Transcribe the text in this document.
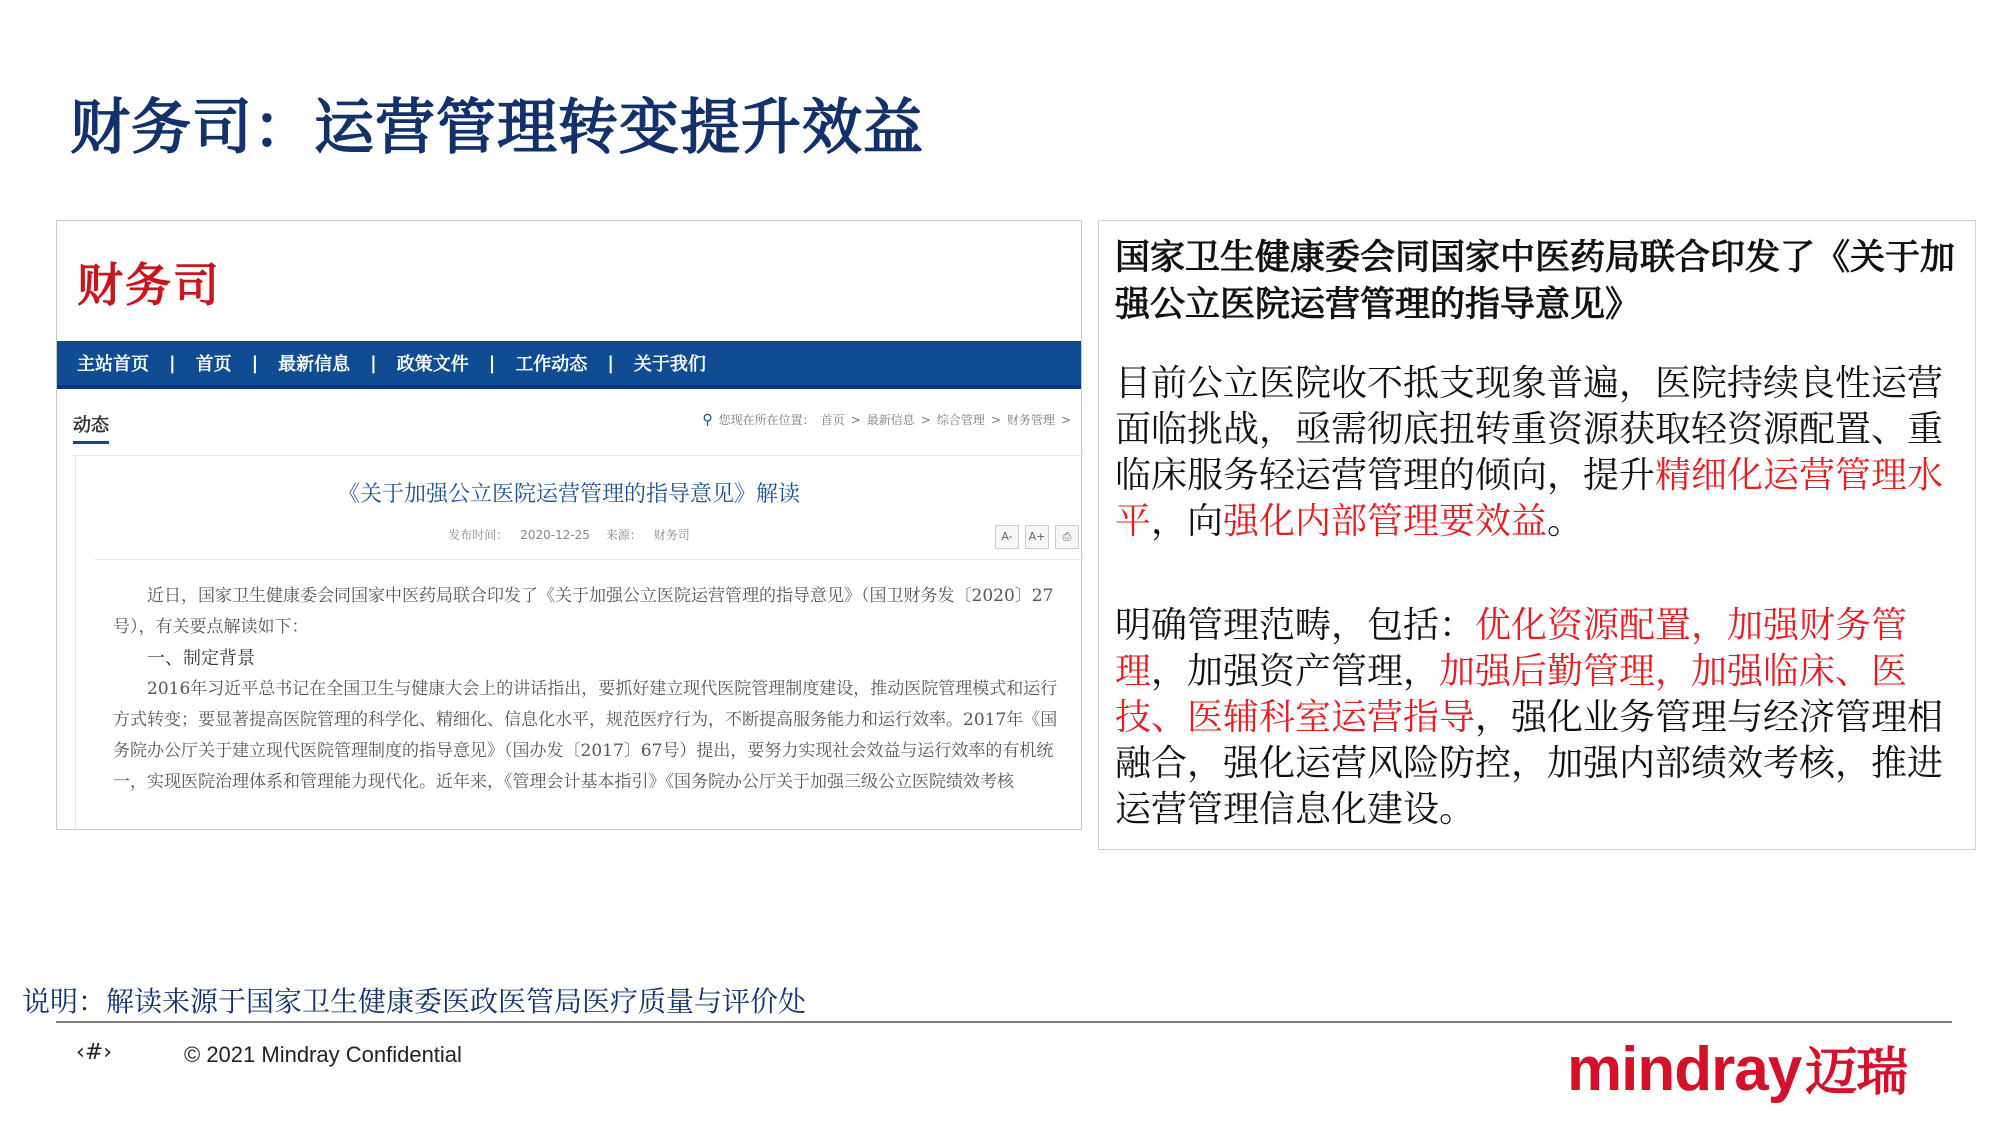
财务司：运营管理转变提升效益
财务司
主站首页	|	首页	|	最新信息	|	政策文件	|	工作动态	|	关于我们
动态	⚲ 您现在所在位置： 首页 > 最新信息 > 综合管理 > 财务管理 >
《关于加强公立医院运营管理的指导意见》解读
发布时间： 2020-12-25 来源： 财务司	A-	A+	⎙

近日，国家卫生健康委会同国家中医药局联合印发了《关于加强公立医院运营管理的指导意见》（国卫财务发〔2020〕27号），有关要点解读如下：

一、制定背景

2016年习近平总书记在全国卫生与健康大会上的讲话指出，要抓好建立现代医院管理制度建设，推动医院管理模式和运行方式转变；要显著提高医院管理的科学化、精细化、信息化水平，规范医疗行为，不断提高服务能力和运行效率。2017年《国务院办公厅关于建立现代医院管理制度的指导意见》（国办发〔2017〕67号）提出，要努力实现社会效益与运行效率的有机统一，实现医院治理体系和管理能力现代化。近年来，《管理会计基本指引》《国务院办公厅关于加强三级公立医院绩效考核

国家卫生健康委会同国家中医药局联合印发了《关于加强公立医院运营管理的指导意见》
目前公立医院收不抵支现象普遍，医院持续良性运营面临挑战，亟需彻底扭转重资源获取轻资源配置、重临床服务轻运营管理的倾向，提升精细化运营管理水平，向强化内部管理要效益。
明确管理范畴，包括：优化资源配置，加强财务管理，加强资产管理，加强后勤管理，加强临床、医技、医辅科室运营指导，强化业务管理与经济管理相融合，强化运营风险防控，加强内部绩效考核，推进运营管理信息化建设。
说明：解读来源于国家卫生健康委医政医管局医疗质量与评价处
‹#›	© 2021 Mindray Confidential	mindray迈瑞
